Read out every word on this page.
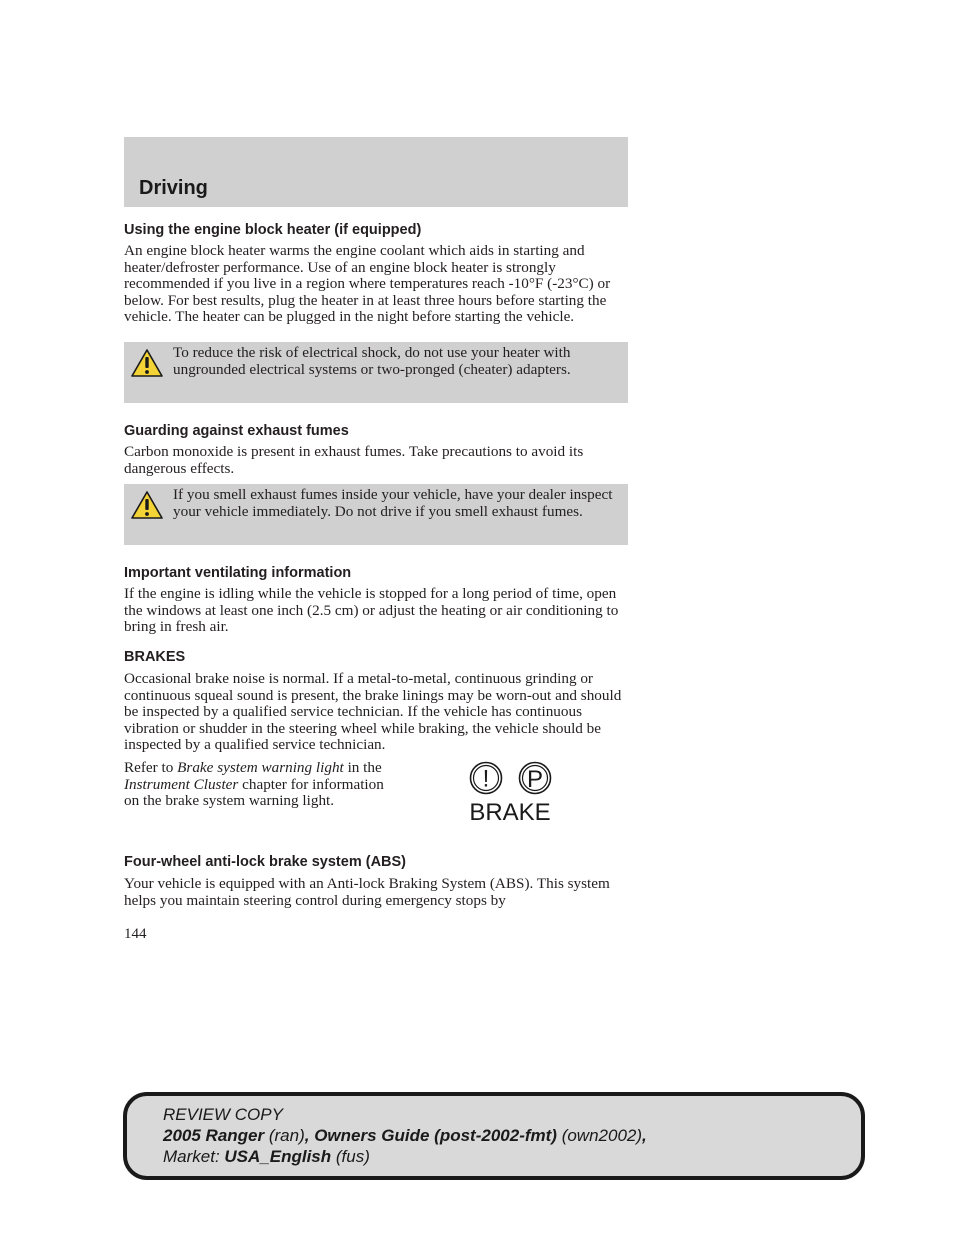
Driving

Using the engine block heater (if equipped)

An engine block heater warms the engine coolant which aids in starting and heater/defroster performance. Use of an engine block heater is strongly recommended if you live in a region where temperatures reach -10°F (-23°C) or below. For best results, plug the heater in at least three hours before starting the vehicle. The heater can be plugged in the night before starting the vehicle.

To reduce the risk of electrical shock, do not use your heater with ungrounded electrical systems or two-pronged (cheater) adapters.

Guarding against exhaust fumes

Carbon monoxide is present in exhaust fumes. Take precautions to avoid its dangerous effects.

If you smell exhaust fumes inside your vehicle, have your dealer inspect your vehicle immediately. Do not drive if you smell exhaust fumes.

Important ventilating information

If the engine is idling while the vehicle is stopped for a long period of time, open the windows at least one inch (2.5 cm) or adjust the heating or air conditioning to bring in fresh air.

BRAKES

Occasional brake noise is normal. If a metal-to-metal, continuous grinding or continuous squeal sound is present, the brake linings may be worn-out and should be inspected by a qualified service technician. If the vehicle has continuous vibration or shudder in the steering wheel while braking, the vehicle should be inspected by a qualified service technician.

Refer to Brake system warning light in the Instrument Cluster chapter for information on the brake system warning light.

! P
BRAKE

Four-wheel anti-lock brake system (ABS)

Your vehicle is equipped with an Anti-lock Braking System (ABS). This system helps you maintain steering control during emergency stops by

144
REVIEW COPY
2005 Ranger (ran), Owners Guide (post-2002-fmt) (own2002),
Market: USA_English (fus)
